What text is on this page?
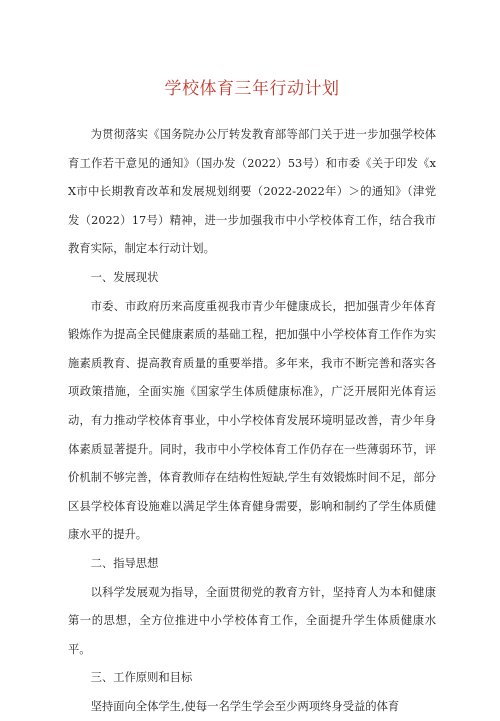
学校体育三年行动计划

为贯彻落实《国务院办公厅转发教育部等部门关于进一步加强学校体育工作若干意见的通知》（国办发（2022）53号）和市委《关于印发《xX市中长期教育改革和发展规划纲要（2022-2022年）＞的通知》（津党发（2022）17号）精神，进一步加强我市中小学校体育工作，结合我市教育实际，制定本行动计划。

一、发展现状

市委、市政府历来高度重视我市青少年健康成长，把加强青少年体育锻炼作为提高全民健康素质的基础工程，把加强中小学校体育工作作为实施素质教育、提高教育质量的重要举措。多年来，我市不断完善和落实各项政策措施，全面实施《国家学生体质健康标准》，广泛开展阳光体育运动，有力推动学校体育事业，中小学校体育发展环境明显改善，青少年身体素质显著提升。同时，我市中小学校体育工作仍存在一些薄弱环节，评价机制不够完善，体育教师存在结构性短缺,学生有效锻炼时间不足，部分区县学校体育设施难以满足学生体育健身需要，影响和制约了学生体质健康水平的提升。

二、指导思想

以科学发展观为指导，全面贯彻党的教育方针，坚持育人为本和健康第一的思想，全方位推进中小学校体育工作，全面提升学生体质健康水平。

三、工作原则和目标

坚持面向全体学生,使每一名学生学会至少两项终身受益的体育
